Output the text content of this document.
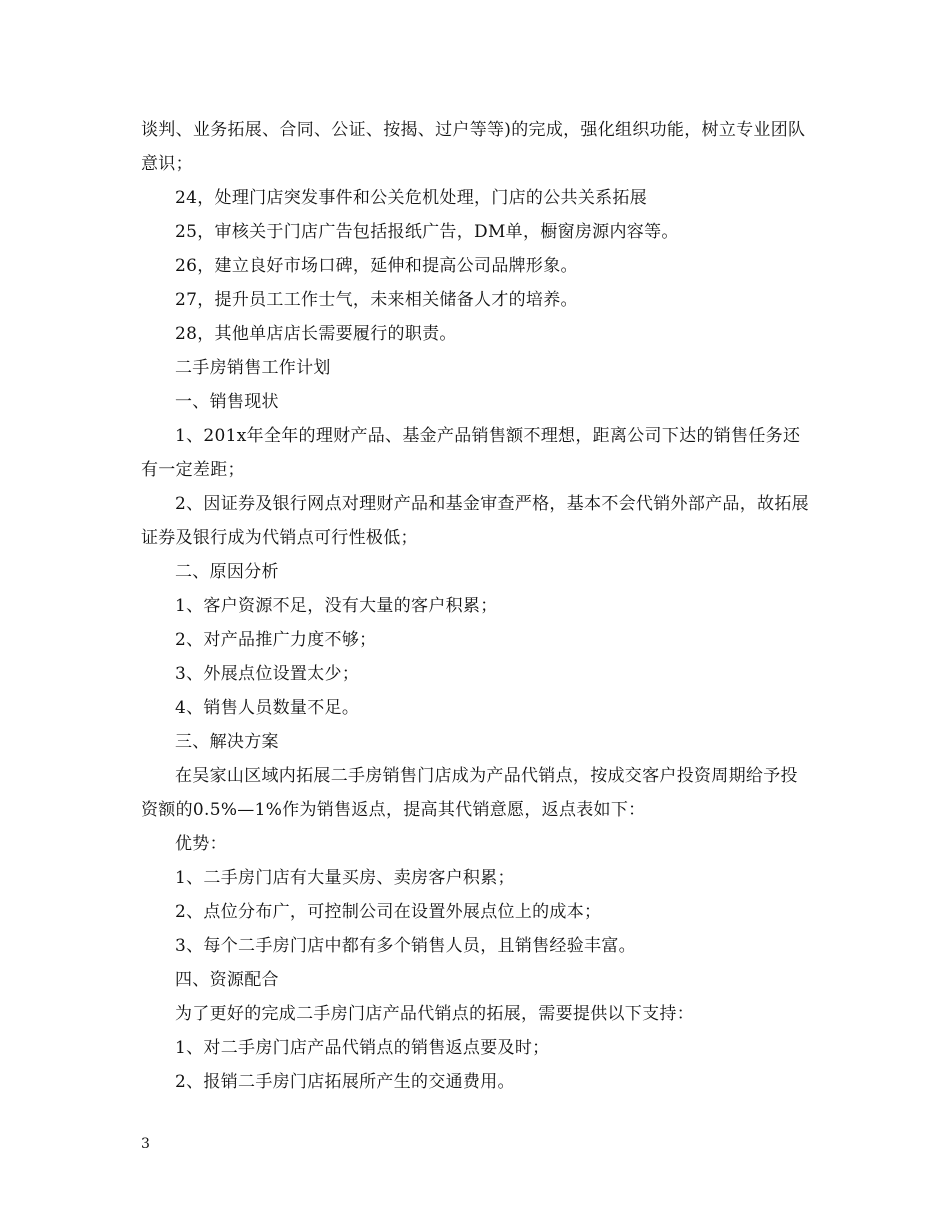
谈判、业务拓展、合同、公证、按揭、过户等等)的完成，强化组织功能，树立专业团队意识；

24，处理门店突发事件和公关危机处理，门店的公共关系拓展

25，审核关于门店广告包括报纸广告，DM单，橱窗房源内容等。

26，建立良好市场口碑，延伸和提高公司品牌形象。

27，提升员工工作士气，未来相关储备人才的培养。

28，其他单店店长需要履行的职责。

二手房销售工作计划

一、销售现状

1、201x年全年的理财产品、基金产品销售额不理想，距离公司下达的销售任务还有一定差距；

2、因证券及银行网点对理财产品和基金审查严格，基本不会代销外部产品，故拓展证券及银行成为代销点可行性极低；

二、原因分析

1、客户资源不足，没有大量的客户积累；

2、对产品推广力度不够；

3、外展点位设置太少；

4、销售人员数量不足。

三、解决方案

在吴家山区域内拓展二手房销售门店成为产品代销点，按成交客户投资周期给予投资额的0.5%—1%作为销售返点，提高其代销意愿，返点表如下：

优势：

1、二手房门店有大量买房、卖房客户积累；

2、点位分布广，可控制公司在设置外展点位上的成本；

3、每个二手房门店中都有多个销售人员，且销售经验丰富。

四、资源配合

为了更好的完成二手房门店产品代销点的拓展，需要提供以下支持：

1、对二手房门店产品代销点的销售返点要及时；

2、报销二手房门店拓展所产生的交通费用。

3
